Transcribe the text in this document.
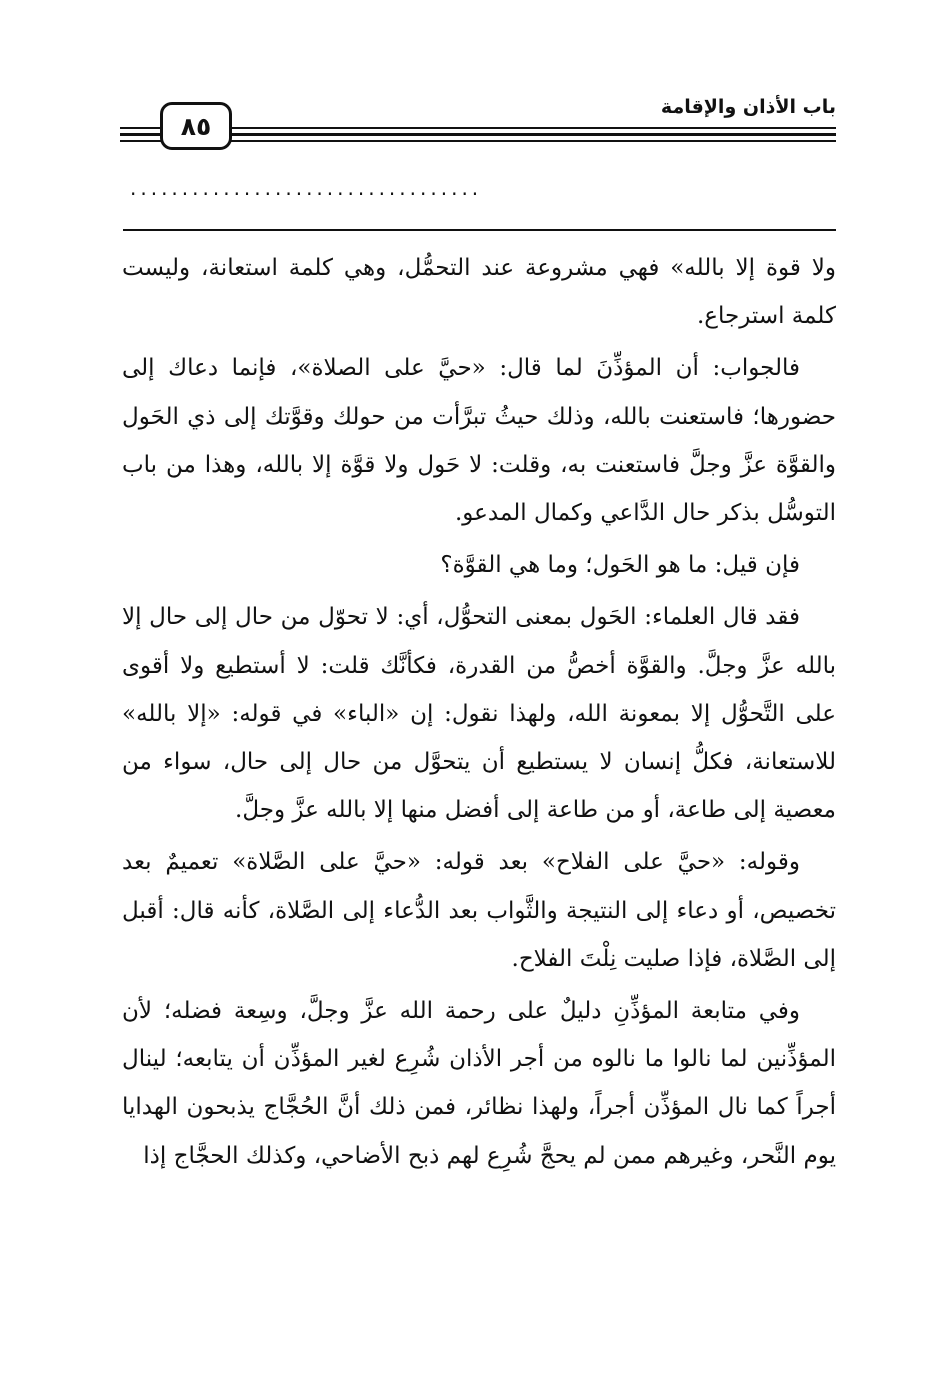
٨٥
باب الأذان والإقامة
..................................

ولا قوة إلا بالله» فهي مشروعة عند التحمُّل، وهي كلمة استعانة، وليست كلمة استرجاع.

فالجواب: أن المؤذِّنَ لما قال: «حيَّ على الصلاة»، فإنما دعاك إلى حضورها؛ فاستعنت بالله، وذلك حيثُ تبرَّأت من حولك وقوَّتك إلى ذي الحَول والقوَّة عزَّ وجلَّ فاستعنت به، وقلت: لا حَول ولا قوَّة إلا بالله، وهذا من باب التوسُّل بذكر حال الدَّاعي وكمال المدعو.

فإن قيل: ما هو الحَول؛ وما هي القوَّة؟

فقد قال العلماء: الحَول بمعنى التحوُّل، أي: لا تحوّل من حال إلى حال إلا بالله عزَّ وجلَّ. والقوَّة أخصُّ من القدرة، فكأنَّك قلت: لا أستطيع ولا أقوى على التَّحوُّل إلا بمعونة الله، ولهذا نقول: إن «الباء» في قوله: «إلا بالله» للاستعانة، فكلُّ إنسان لا يستطيع أن يتحوَّل من حال إلى حال، سواء من معصية إلى طاعة، أو من طاعة إلى أفضل منها إلا بالله عزَّ وجلَّ.

وقوله: «حيَّ على الفلاح» بعد قوله: «حيَّ على الصَّلاة» تعميمٌ بعد تخصيص، أو دعاء إلى النتيجة والثَّواب بعد الدُّعاء إلى الصَّلاة، كأنه قال: أقبل إلى الصَّلاة، فإذا صليت نِلْتَ الفلاح.

وفي متابعة المؤذِّنِ دليلٌ على رحمة الله عزَّ وجلَّ، وسِعة فضله؛ لأن المؤذِّنين لما نالوا ما نالوه من أجر الأذان شُرِع لغير المؤذِّن أن يتابعه؛ لينال أجراً كما نال المؤذِّن أجراً، ولهذا نظائر، فمن ذلك أنَّ الحُجَّاج يذبحون الهدايا يوم النَّحر، وغيرهم ممن لم يحجَّ شُرِع لهم ذبح الأضاحي، وكذلك الحجَّاج إذا
